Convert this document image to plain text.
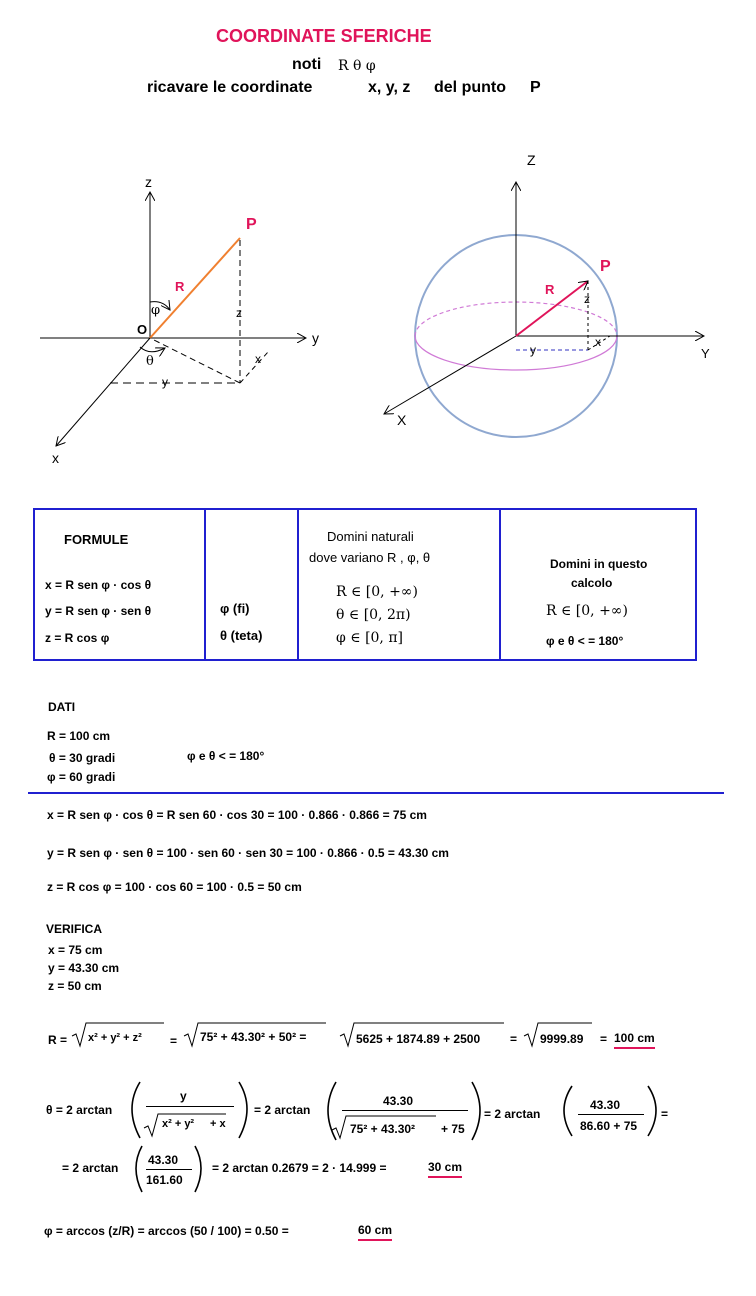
COORDINATE SFERICHE
noti R θ φ
ricavare le coordinate	x, y, z del punto P
z
y
x
O
P
R
φ
θ
z
x
y
Z
Y
X
P
R
z
x
y
FORMULE
x = R sen φ · cos θ
y = R sen φ · sen θ
z = R cos φ
φ (fi)
θ (teta)
Domini naturali
dove variano R , φ, θ
R ∈ [0, +∞)
θ ∈ [0, 2π)
φ ∈ [0, π]
Domini in questo
calcolo
R ∈ [0, +∞)
φ e θ < = 180°
DATI
R = 100 cm
θ = 30 gradi
φ = 60 gradi
φ e θ < = 180°
x = R sen φ · cos θ = R sen 60 · cos 30 = 100 · 0.866 · 0.866 = 75 cm
y = R sen φ · sen θ = 100 · sen 60 · sen 30 = 100 · 0.866 · 0.5 = 43.30 cm
z = R cos φ = 100 · cos 60 = 100 · 0.5 = 50 cm
VERIFICA
x = 75 cm
y = 43.30 cm
z = 50 cm
R = x² + y² + z² = 75² + 43.30² + 50² =	5625 + 1874.89 + 2500 = 9999.89 = 100 cm
θ = 2 arctan
y
x² + y² + x
= 2 arctan
43.30
75² + 43.30² + 75
= 2 arctan
43.30
86.60 + 75
=
= 2 arctan
43.30
161.60
= 2 arctan 0.2679 = 2 · 14.999 =	30 cm
φ = arccos (z/R) = arccos (50 / 100) = 0.50 =	60 cm
